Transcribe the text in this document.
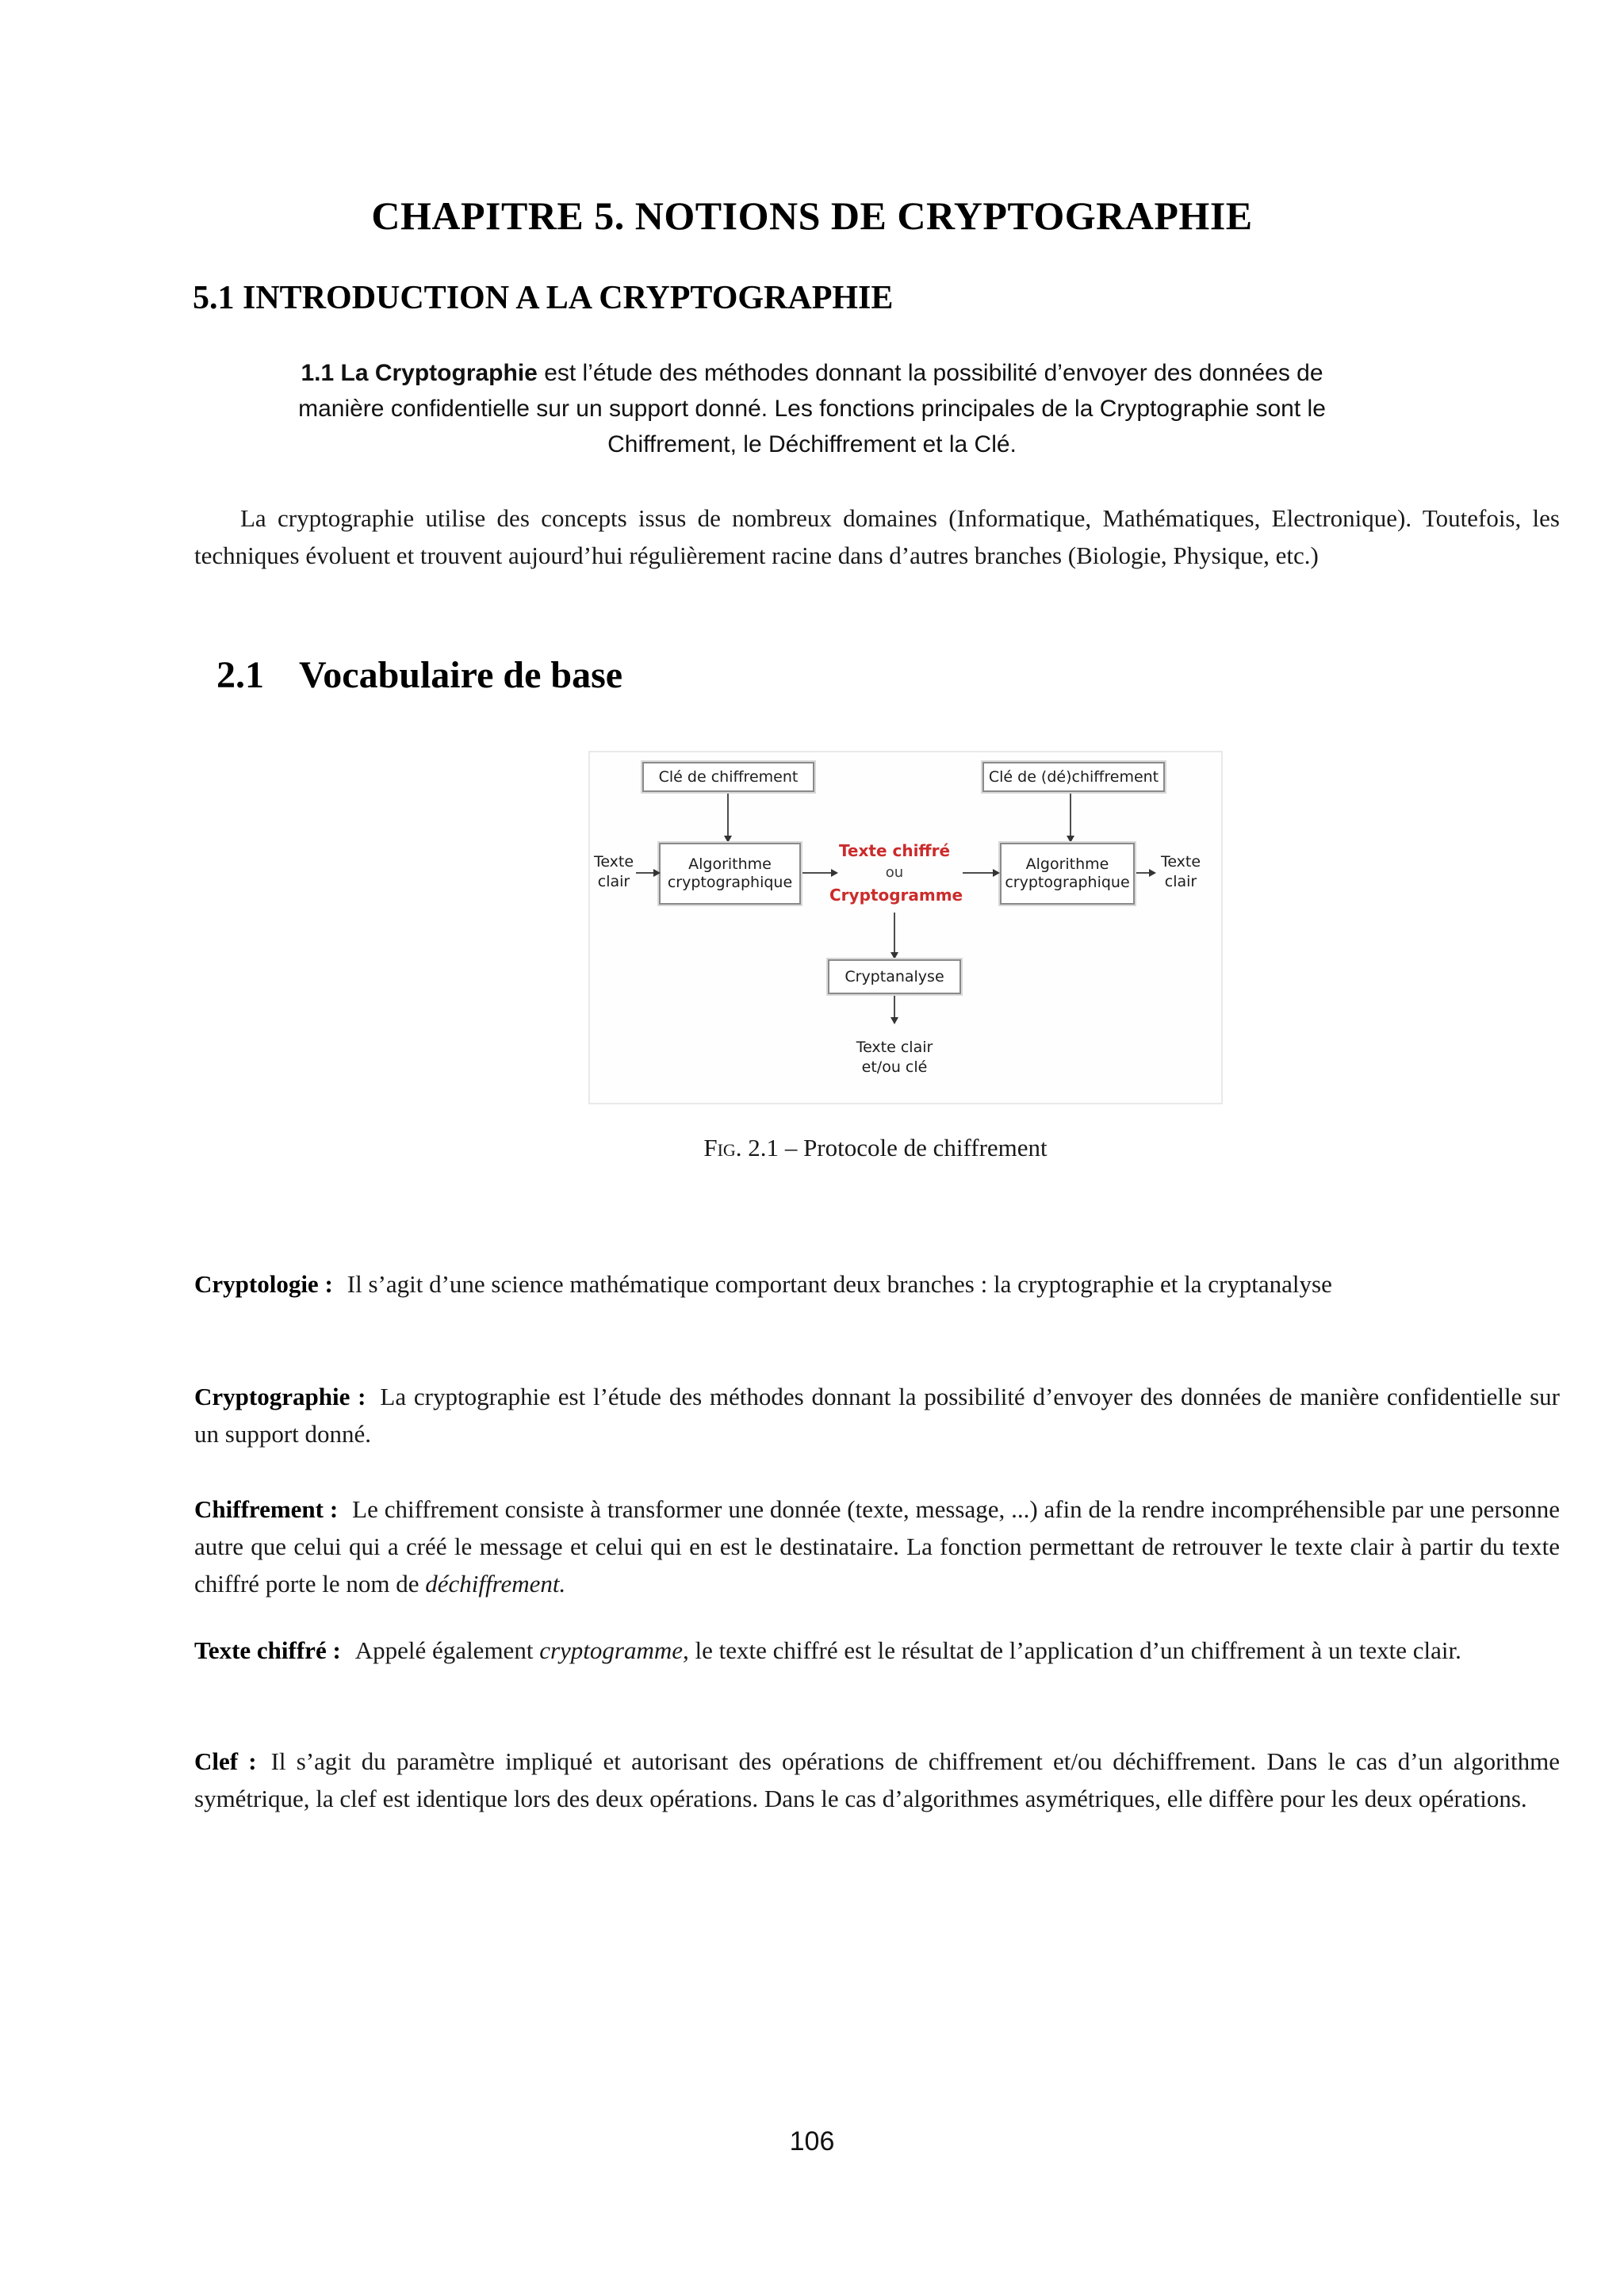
CHAPITRE 5. NOTIONS DE CRYPTOGRAPHIE
5.1 INTRODUCTION A LA CRYPTOGRAPHIE
1.1 La Cryptographie est l’étude des méthodes donnant la possibilité d’envoyer des données de
manière confidentielle sur un support donné. Les fonctions principales de la Cryptographie sont le
Chiffrement, le Déchiffrement et la Clé.

La cryptographie utilise des concepts issus de nombreux domaines (Informatique, Mathématiques, Electronique). Toutefois, les techniques évoluent et trouvent aujourd’hui régulièrement racine dans d’autres branches (Biologie, Physique, etc.)

2.1 Vocabulaire de base
Clé de chiffrement	Clé de (dé)chiffrement
Texte clair
Texte clair
Algorithme cryptographique
Algorithme cryptographique
Texte chiffré
ou
Cryptogramme
Cryptanalyse
Texte clair
et/ou clé
Fig. 2.1 – Protocole de chiffrement

Cryptologie : Il s’agit d’une science mathématique comportant deux branches : la cryptographie et la cryptanalyse

Cryptographie : La cryptographie est l’étude des méthodes donnant la possibilité d’envoyer des données de manière confidentielle sur un support donné.

Chiffrement : Le chiffrement consiste à transformer une donnée (texte, message, ...) afin de la rendre incompréhensible par une personne autre que celui qui a créé le message et celui qui en est le destinataire. La fonction permettant de retrouver le texte clair à partir du texte chiffré porte le nom de déchiffrement.

Texte chiffré : Appelé également cryptogramme, le texte chiffré est le résultat de l’application d’un chiffrement à un texte clair.

Clef : Il s’agit du paramètre impliqué et autorisant des opérations de chiffrement et/ou déchiffrement. Dans le cas d’un algorithme symétrique, la clef est identique lors des deux opérations. Dans le cas d’algorithmes asymétriques, elle diffère pour les deux opérations.

106
